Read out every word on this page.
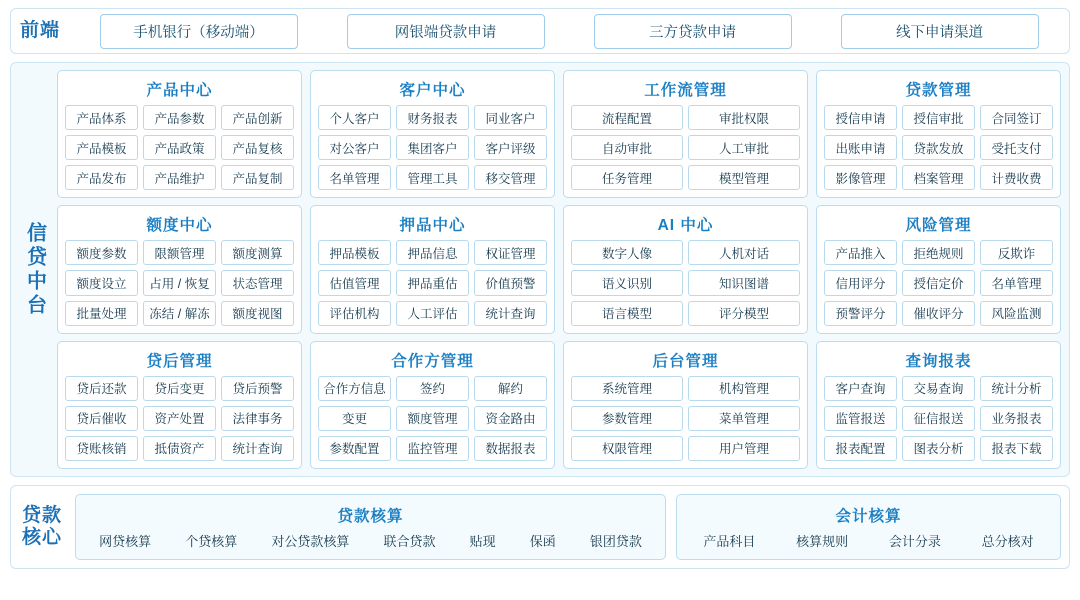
前端	手机银行（移动端）	网银端贷款申请	三方贷款申请	线下申请渠道
信贷中台
产品中心
产品体系	产品参数	产品创新
产品模板	产品政策	产品复核
产品发布	产品维护	产品复制
客户中心
个人客户	财务报表	同业客户
对公客户	集团客户	客户评级
名单管理	管理工具	移交管理
工作流管理
流程配置	审批权限
自动审批	人工审批
任务管理	模型管理
贷款管理
授信申请	授信审批	合同签订
出账申请	贷款发放	受托支付
影像管理	档案管理	计费收费
额度中心
额度参数	限额管理	额度测算
额度设立	占用 / 恢复	状态管理
批量处理	冻结 / 解冻	额度视图
押品中心
押品模板	押品信息	权证管理
估值管理	押品重估	价值预警
评估机构	人工评估	统计查询
AI 中心
数字人像	人机对话
语义识别	知识图谱
语言模型	评分模型
风险管理
产品推入	拒绝规则	反欺诈
信用评分	授信定价	名单管理
预警评分	催收评分	风险监测
贷后管理
贷后还款	贷后变更	贷后预警
贷后催收	资产处置	法律事务
贷账核销	抵债资产	统计查询
合作方管理
合作方信息	签约	解约
变更	额度管理	资金路由
参数配置	监控管理	数据报表
后台管理
系统管理	机构管理
参数管理	菜单管理
权限管理	用户管理
查询报表
客户查询	交易查询	统计分析
监管报送	征信报送	业务报表
报表配置	图表分析	报表下载
贷款
核心
贷款核算
网贷核算	个贷核算	对公贷款核算	联合贷款	贴现	保函	银团贷款
会计核算
产品科目	核算规则	会计分录	总分核对
